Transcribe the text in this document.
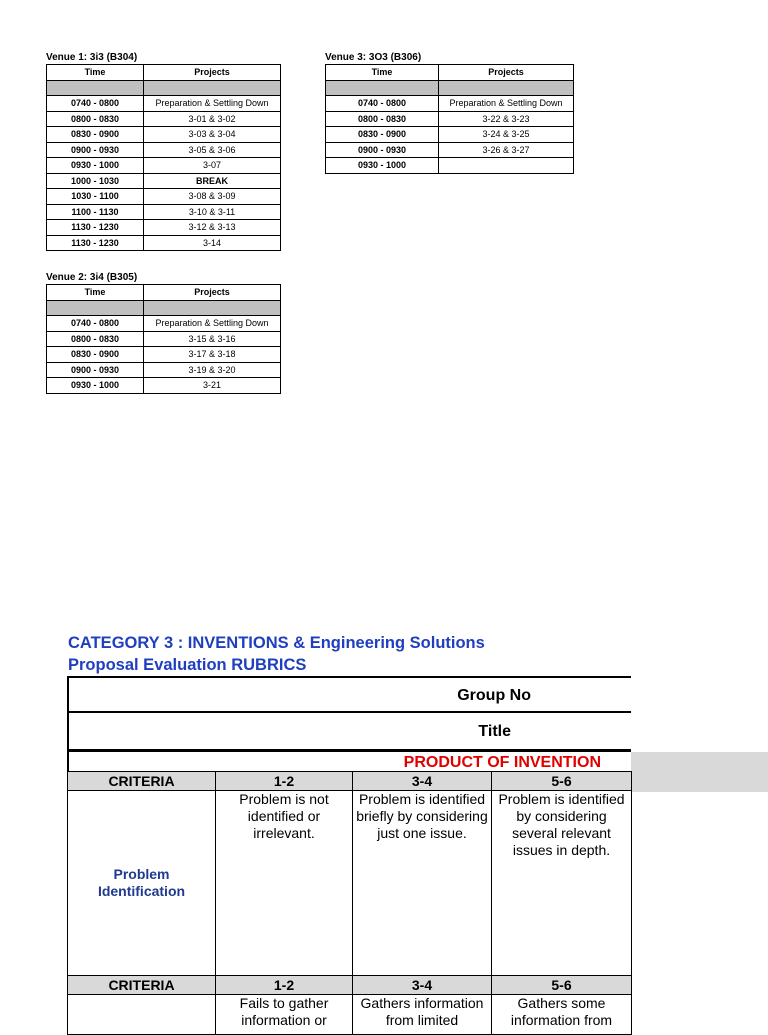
Venue 1: 3i3 (B304)
Time	Projects

0740 - 0800	Preparation & Settling Down
0800 - 0830	3-01 & 3-02
0830 - 0900	3-03 & 3-04
0900 - 0930	3-05 & 3-06
0930 - 1000	3-07
1000 - 1030	BREAK
1030 - 1100	3-08 & 3-09
1100 - 1130	3-10 & 3-11
1130 - 1230	3-12 & 3-13
1130 - 1230	3-14
Venue 2: 3i4 (B305)
Time	Projects

0740 - 0800	Preparation & Settling Down
0800 - 0830	3-15 & 3-16
0830 - 0900	3-17 & 3-18
0900 - 0930	3-19 & 3-20
0930 - 1000	3-21
Venue 3: 3O3 (B306)
Time	Projects

0740 - 0800	Preparation & Settling Down
0800 - 0830	3-22 & 3-23
0830 - 0900	3-24 & 3-25
0900 - 0930	3-26 & 3-27
0930 - 1000	
CATEGORY 3 : INVENTIONS & Engineering Solutions
Proposal Evaluation RUBRICS
Group No
Title
PRODUCT OF INVENTION
CRITERIA	1-2	3-4	5-6
Problem Identification	Problem is not identified or irrelevant.	Problem is identified briefly by considering just one issue.	Problem is identified by considering several relevant issues in depth.
CRITERIA	1-2	3-4	5-6
	Fails to gather information or	Gathers information from limited	Gathers some information from
